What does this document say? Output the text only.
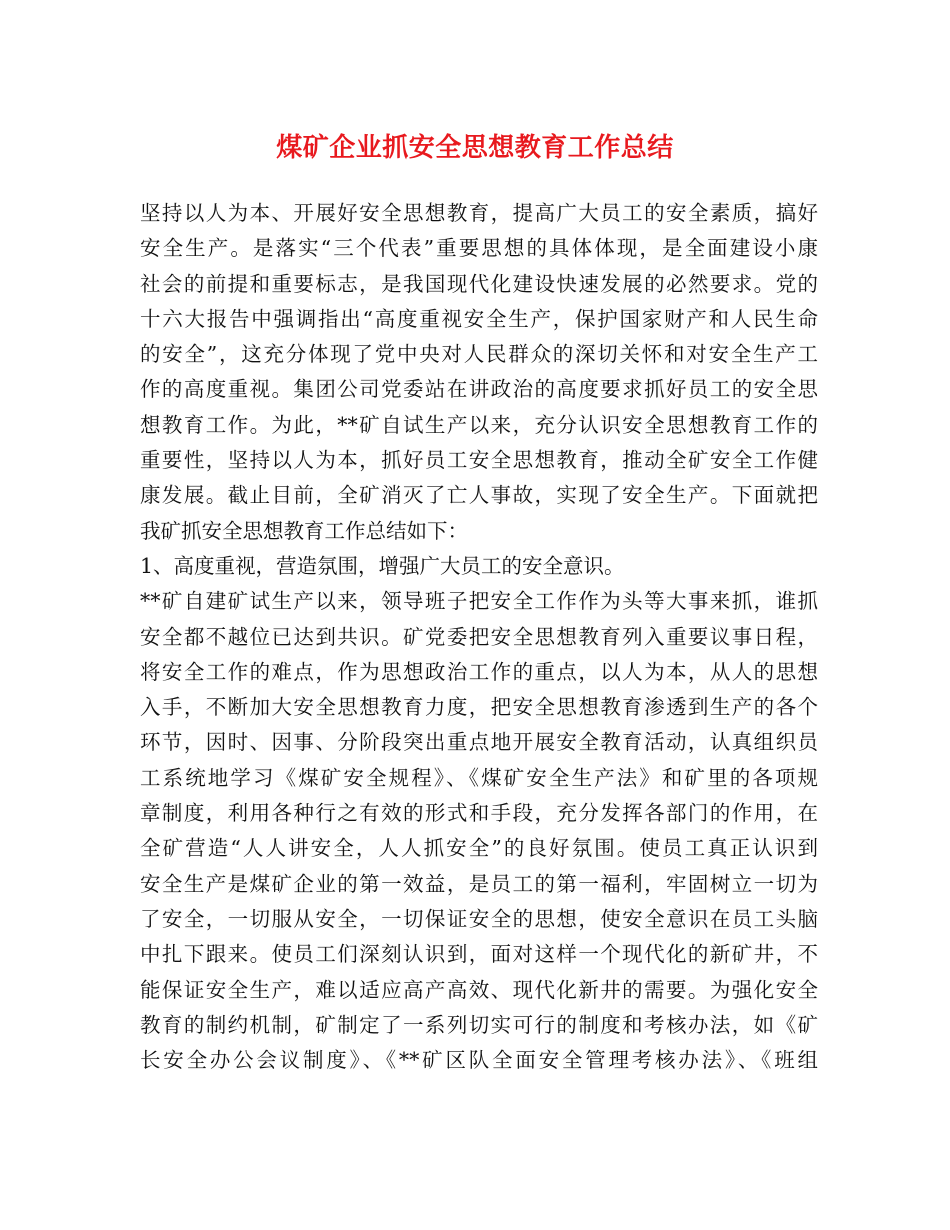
煤矿企业抓安全思想教育工作总结
坚持以人为本、开展好安全思想教育，提高广大员工的安全素质，搞好
安全生产。是落实“三个代表”重要思想的具体体现，是全面建设小康
社会的前提和重要标志，是我国现代化建设快速发展的必然要求。党的
十六大报告中强调指出“高度重视安全生产，保护国家财产和人民生命
的安全”，这充分体现了党中央对人民群众的深切关怀和对安全生产工
作的高度重视。集团公司党委站在讲政治的高度要求抓好员工的安全思
想教育工作。为此，**矿自试生产以来，充分认识安全思想教育工作的
重要性，坚持以人为本，抓好员工安全思想教育，推动全矿安全工作健
康发展。截止目前，全矿消灭了亡人事故，实现了安全生产。下面就把
我矿抓安全思想教育工作总结如下：
1、高度重视，营造氛围，增强广大员工的安全意识。
**矿自建矿试生产以来，领导班子把安全工作作为头等大事来抓，谁抓
安全都不越位已达到共识。矿党委把安全思想教育列入重要议事日程，
将安全工作的难点，作为思想政治工作的重点，以人为本，从人的思想
入手，不断加大安全思想教育力度，把安全思想教育渗透到生产的各个
环节，因时、因事、分阶段突出重点地开展安全教育活动，认真组织员
工系统地学习《煤矿安全规程》、《煤矿安全生产法》和矿里的各项规
章制度，利用各种行之有效的形式和手段，充分发挥各部门的作用，在
全矿营造“人人讲安全，人人抓安全”的良好氛围。使员工真正认识到
安全生产是煤矿企业的第一效益，是员工的第一福利，牢固树立一切为
了安全，一切服从安全，一切保证安全的思想，使安全意识在员工头脑
中扎下跟来。使员工们深刻认识到，面对这样一个现代化的新矿井，不
能保证安全生产，难以适应高产高效、现代化新井的需要。为强化安全
教育的制约机制，矿制定了一系列切实可行的制度和考核办法，如《矿
长安全办公会议制度》、《**矿区队全面安全管理考核办法》、《班组
